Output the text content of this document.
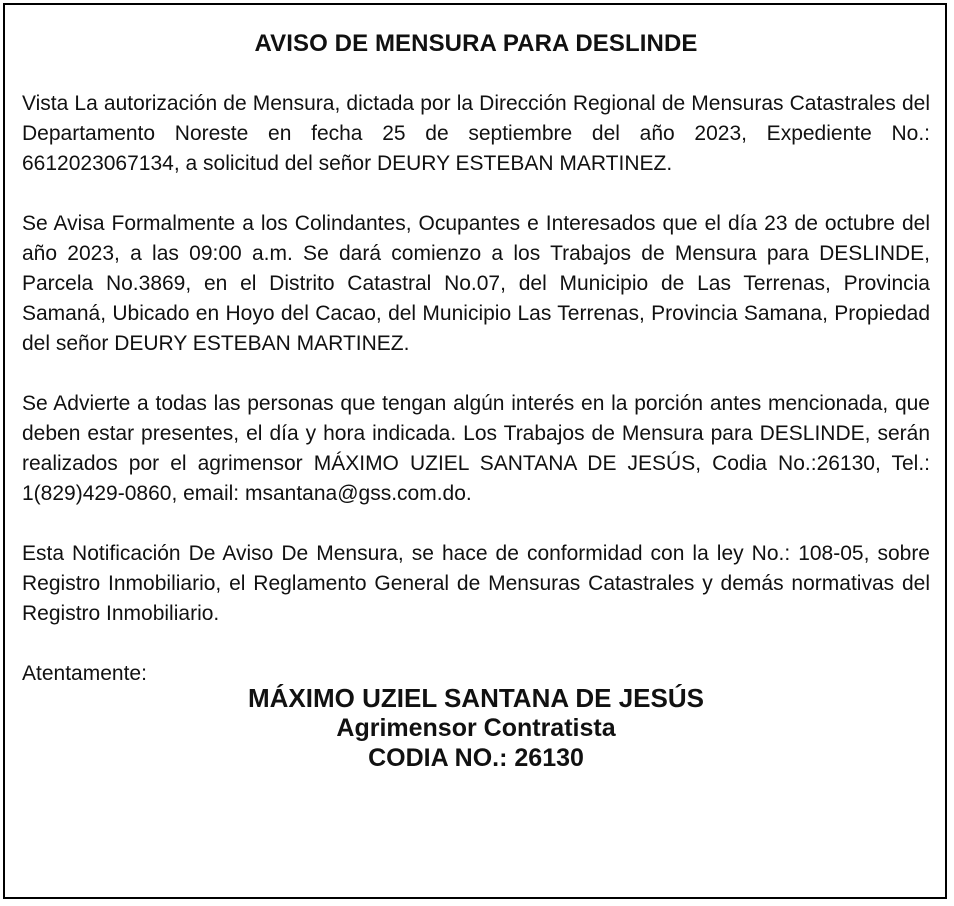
AVISO DE MENSURA PARA DESLINDE

Vista La autorización de Mensura, dictada por la Dirección Regional de Mensuras Catastrales del Departamento Noreste en fecha 25 de septiembre del año 2023, Expediente No.: 6612023067134, a solicitud del señor DEURY ESTEBAN MARTINEZ.

Se Avisa Formalmente a los Colindantes, Ocupantes e Interesados que el día 23 de octubre del año 2023, a las 09:00 a.m. Se dará comienzo a los Trabajos de Mensura para DESLINDE, Parcela No.3869, en el Distrito Catastral No.07, del Municipio de Las Terrenas, Provincia Samaná, Ubicado en Hoyo del Cacao, del Municipio Las Terrenas, Provincia Samana, Propiedad del señor DEURY ESTEBAN MARTINEZ.

Se Advierte a todas las personas que tengan algún interés en la porción antes mencionada, que deben estar presentes, el día y hora indicada. Los Trabajos de Mensura para DESLINDE, serán realizados por el agrimensor MÁXIMO UZIEL SANTANA DE JESÚS, Codia No.:26130, Tel.: 1(829)429-0860, email: msantana@gss.com.do.

Esta Notificación De Aviso De Mensura, se hace de conformidad con la ley No.: 108-05, sobre Registro Inmobiliario, el Reglamento General de Mensuras Catastrales y demás normativas del Registro Inmobiliario.

Atentamente:

MÁXIMO UZIEL SANTANA DE JESÚS

Agrimensor Contratista

CODIA NO.: 26130
